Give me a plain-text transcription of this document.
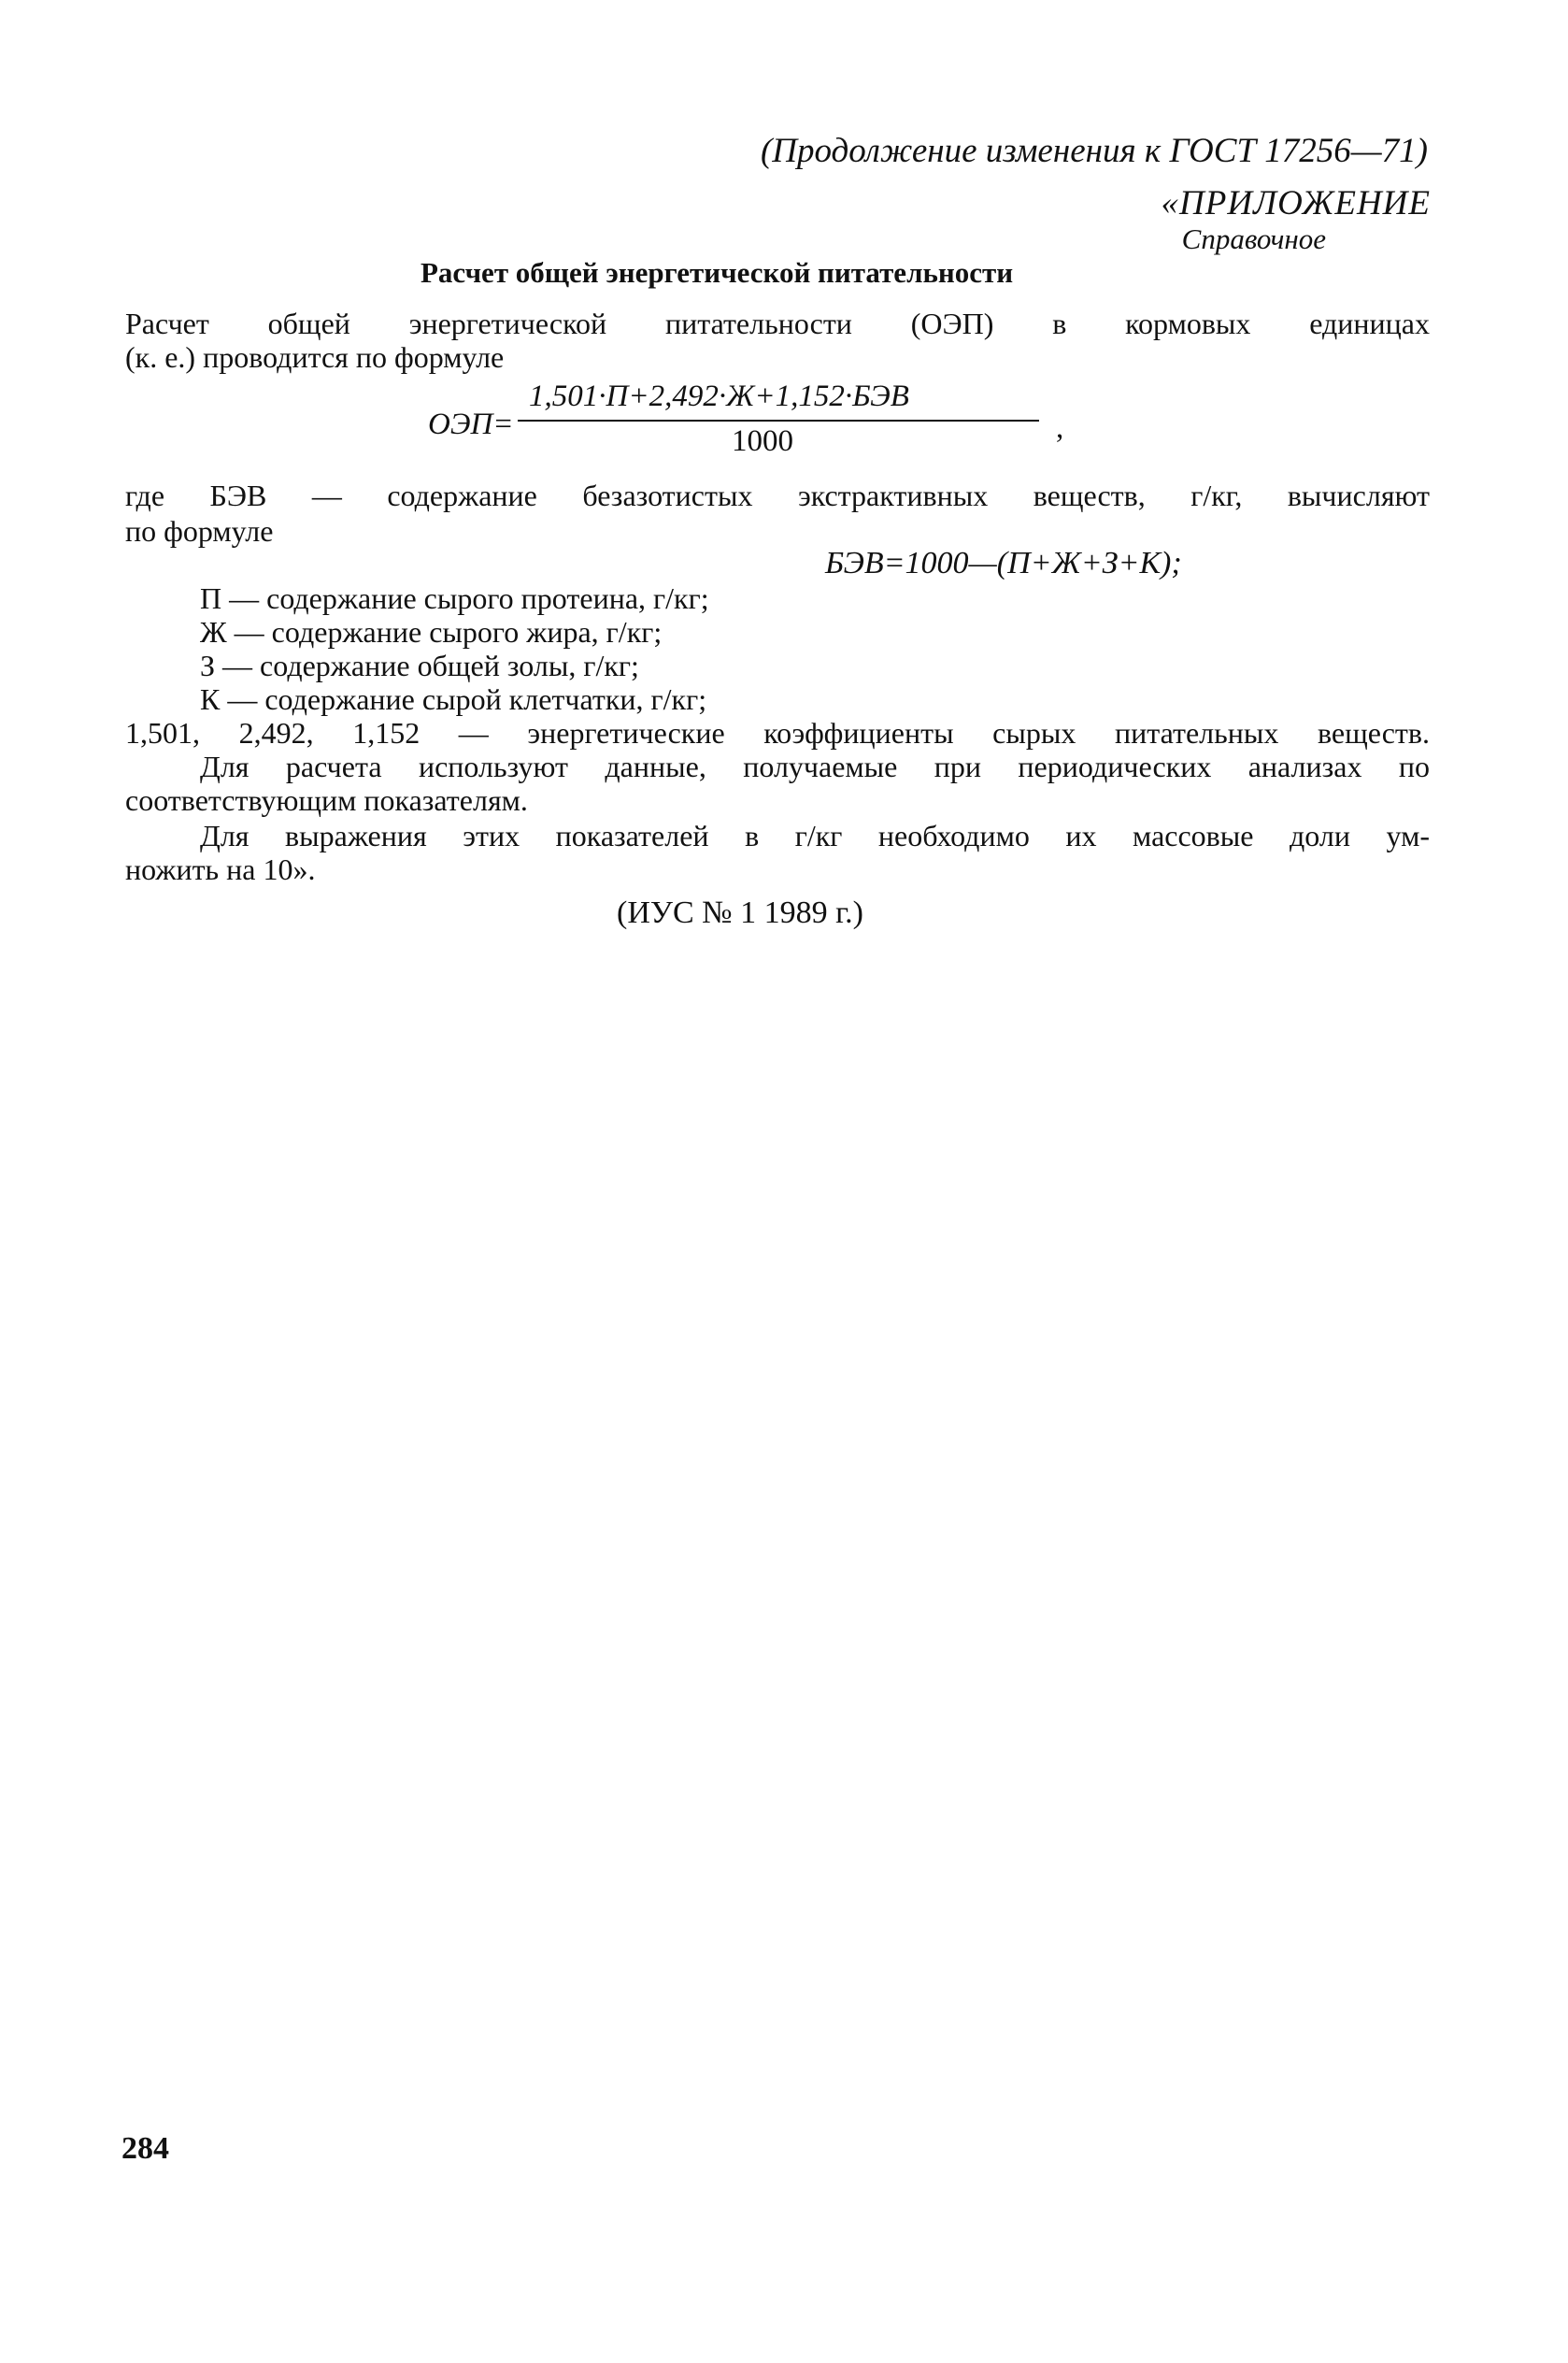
(Продолжение изменения к ГОСТ 17256—71)
«ПРИЛОЖЕНИЕ
Справочное
Расчет общей энергетической питательности
Расчет общей энергетической питательности (ОЭП) в кормовых единицах
(к. е.) проводится по формуле
ОЭП=
1,501·П+2,492·Ж+1,152·БЭВ
1000	,
где БЭВ — содержание безазотистых экстрактивных веществ, г/кг, вычисляют
по формуле
БЭВ=1000—(П+Ж+З+К);
П — содержание сырого протеина, г/кг;
Ж — содержание сырого жира, г/кг;
З — содержание общей золы, г/кг;
К — содержание сырой клетчатки, г/кг;
1,501, 2,492, 1,152 — энергетические коэффициенты сырых питательных веществ.
Для расчета используют данные, получаемые при периодических анализах по
соответствующим показателям.
Для выражения этих показателей в г/кг необходимо их массовые доли ум-
ножить на 10».
(ИУС № 1 1989 г.)
284
